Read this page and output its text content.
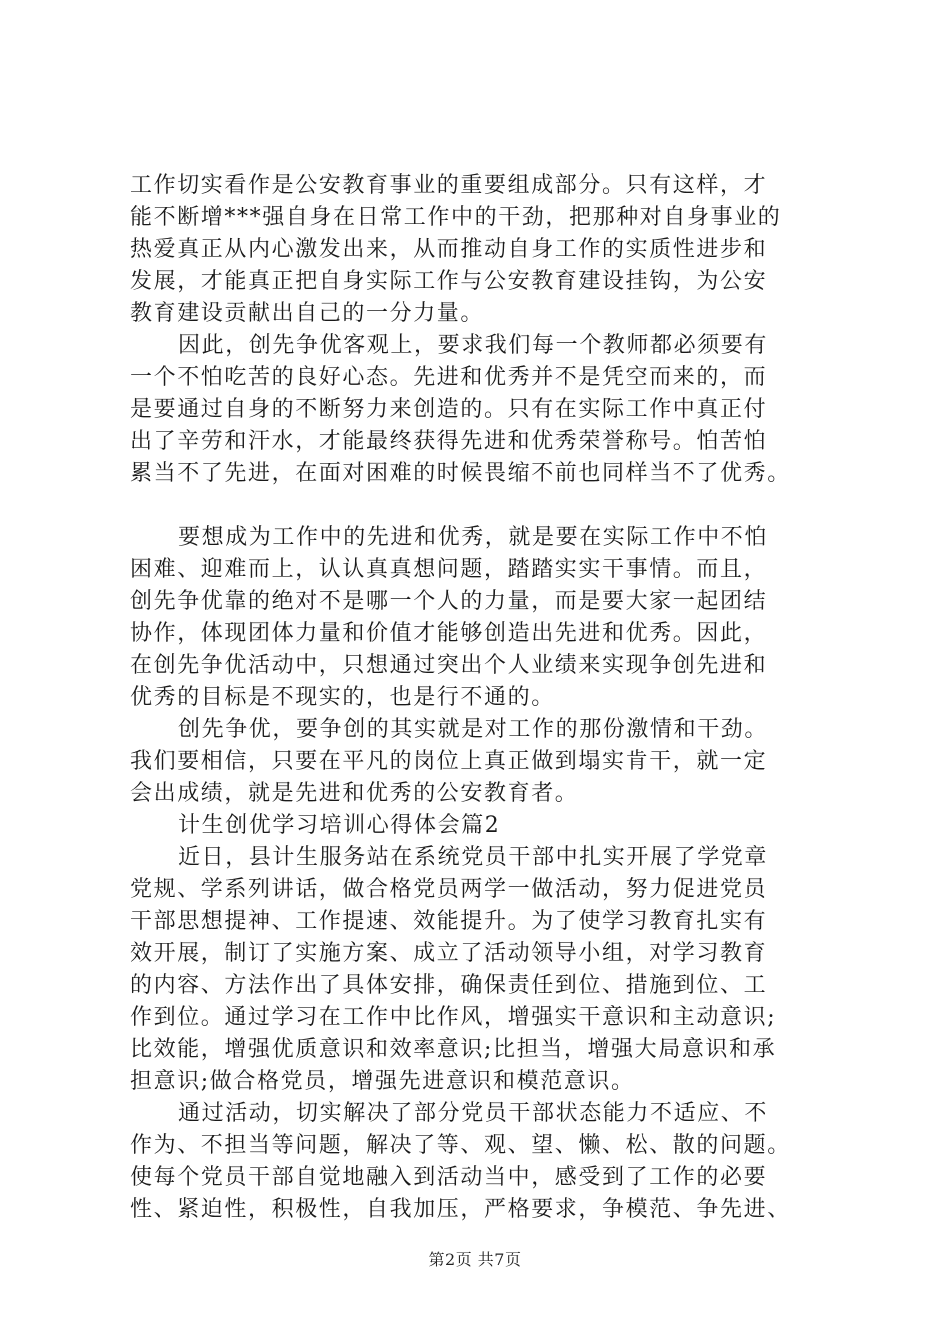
工作切实看作是公安教育事业的重要组成部分。只有这样，才
能不断增***强自身在日常工作中的干劲，把那种对自身事业的
热爱真正从内心激发出来，从而推动自身工作的实质性进步和
发展，才能真正把自身实际工作与公安教育建设挂钩，为公安
教育建设贡献出自己的一分力量。
因此，创先争优客观上，要求我们每一个教师都必须要有
一个不怕吃苦的良好心态。先进和优秀并不是凭空而来的，而
是要通过自身的不断努力来创造的。只有在实际工作中真正付
出了辛劳和汗水，才能最终获得先进和优秀荣誉称号。怕苦怕
累当不了先进，在面对困难的时候畏缩不前也同样当不了优秀。
要想成为工作中的先进和优秀，就是要在实际工作中不怕
困难、迎难而上，认认真真想问题，踏踏实实干事情。而且，
创先争优靠的绝对不是哪一个人的力量，而是要大家一起团结
协作，体现团体力量和价值才能够创造出先进和优秀。因此，
在创先争优活动中，只想通过突出个人业绩来实现争创先进和
优秀的目标是不现实的，也是行不通的。
创先争优，要争创的其实就是对工作的那份激情和干劲。
我们要相信，只要在平凡的岗位上真正做到塌实肯干，就一定
会出成绩，就是先进和优秀的公安教育者。
计生创优学习培训心得体会篇2
近日，县计生服务站在系统党员干部中扎实开展了学党章
党规、学系列讲话，做合格党员两学一做活动，努力促进党员
干部思想提神、工作提速、效能提升。为了使学习教育扎实有
效开展，制订了实施方案、成立了活动领导小组，对学习教育
的内容、方法作出了具体安排，确保责任到位、措施到位、工
作到位。通过学习在工作中比作风，增强实干意识和主动意识;
比效能，增强优质意识和效率意识;比担当，增强大局意识和承
担意识;做合格党员，增强先进意识和模范意识。
通过活动，切实解决了部分党员干部状态能力不适应、不
作为、不担当等问题，解决了等、观、望、懒、松、散的问题。
使每个党员干部自觉地融入到活动当中，感受到了工作的必要
性、紧迫性，积极性，自我加压，严格要求，争模范、争先进、
第2页 共7页
